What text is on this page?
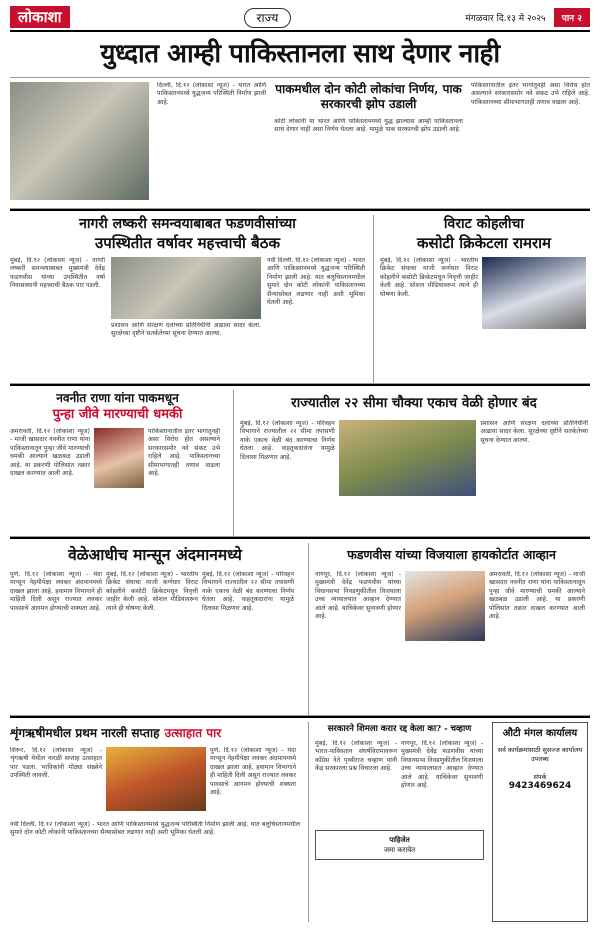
लोकाशा	राज्य	मंगळवार दि.१३ मे २०२५	पान २
युध्दात आम्ही पाकिस्तानला साथ देणार नाही
दिल्ली, दि.१२ (लोकाशा न्यूज) - भारत आणि पाकिस्तानमध्ये युद्धजन्य परिस्थिती निर्माण झाली आहे.
पाकमधील दोन कोटी लोकांचा निर्णय, पाक सरकारची झोप उडाली
कोटी लोकांनी या भारत आणि पाकिस्तानमध्ये युद्ध झाल्यास आम्ही पाकिस्तानला साथ देणार नाही असा निर्णय घेतला आहे. यामुळे पाक सरकारची झोप उडाली आहे.
पाकिस्तानातील इतर भागांतूनही असा विरोध होत असल्याने सरकारसमोर नवे संकट उभे राहिले आहे. पाकिस्तानच्या सीमाभागातही तणाव वाढला आहे.
नागरी लष्करी समन्वयाबाबत फडणवीसांच्या
उपस्थितीत वर्षावर महत्त्वाची बैठक
मुंबई, दि.१२ (लोकाशा न्यूज) - नागरी लष्करी समन्वयाबाबत मुख्यमंत्री देवेंद्र फडणवीस यांच्या उपस्थितीत वर्षा निवासस्थानी महत्त्वाची बैठक पार पडली.
प्रशासन आणि संरक्षण दलांच्या प्रतिनिधींनी आढावा सादर केला. सुरक्षेच्या दृष्टीने सतर्कतेच्या सूचना देण्यात आल्या.
नवी दिल्ली, दि.१२ (लोकाशा न्यूज) - भारत आणि पाकिस्तानमध्ये युद्धजन्य परिस्थिती निर्माण झाली आहे. यात बलुचिस्तानमधील सुमारे दोन कोटी लोकांनी पाकिस्तानच्या सैन्यासोबत लढणार नाही अशी भूमिका घेतली आहे.
विराट कोहलीचा
कसोटी क्रिकेटला रामराम
मुंबई, दि.१२ (लोकाशा न्यूज) - भारतीय क्रिकेट संघाचा माजी कर्णधार विराट कोहलीने कसोटी क्रिकेटमधून निवृत्ती जाहीर केली आहे. सोशल मीडियावरून त्याने ही घोषणा केली.
नवनीत राणा यांना पाकमधून
पुन्हा जीवे मारण्याची धमकी
अमरावती, दि.१२ (लोकाशा न्यूज) - माजी खासदार नवनीत राणा यांना पाकिस्तानातून पुन्हा जीवे मारण्याची धमकी आल्याने खळबळ उडाली आहे. या प्रकरणी पोलिसांत तक्रार दाखल करण्यात आली आहे.
पाकिस्तानातील इतर भागांतूनही असा विरोध होत असल्याने सरकारसमोर नवे संकट उभे राहिले आहे. पाकिस्तानच्या सीमाभागातही तणाव वाढला आहे.
राज्यातील २२ सीमा चौक्या एकाच वेळी होणार बंद
मुंबई, दि.१२ (लोकाशा न्यूज) - परिवहन विभागाने राज्यातील २२ सीमा तपासणी नाके एकाच वेळी बंद करण्याचा निर्णय घेतला आहे. वाहतूकदारांना यामुळे दिलासा मिळणार आहे.
प्रशासन आणि संरक्षण दलांच्या प्रतिनिधींनी आढावा सादर केला. सुरक्षेच्या दृष्टीने सतर्कतेच्या सूचना देण्यात आल्या.
वेळेआधीच मान्सून अंदमानमध्ये
पुणे, दि.१२ (लोकाशा न्यूज) - यंदा मान्सून नेहमीपेक्षा लवकर अंदमानमध्ये दाखल झाला आहे. हवामान विभागाने ही माहिती दिली असून राज्यात लवकर पावसाचे आगमन होण्याची शक्यता आहे.
मुंबई, दि.१२ (लोकाशा न्यूज) - भारतीय क्रिकेट संघाचा माजी कर्णधार विराट कोहलीने कसोटी क्रिकेटमधून निवृत्ती जाहीर केली आहे. सोशल मीडियावरून त्याने ही घोषणा केली.
मुंबई, दि.१२ (लोकाशा न्यूज) - परिवहन विभागाने राज्यातील २२ सीमा तपासणी नाके एकाच वेळी बंद करण्याचा निर्णय घेतला आहे. वाहतूकदारांना यामुळे दिलासा मिळणार आहे.
फडणवीस यांच्या विजयाला हायकोर्टात आव्हान
नागपूर, दि.१२ (लोकाशा न्यूज) - मुख्यमंत्री देवेंद्र फडणवीस यांच्या विधानसभा निवडणुकीतील विजयाला उच्च न्यायालयात आव्हान देण्यात आले आहे. याचिकेवर सुनावणी होणार आहे.
अमरावती, दि.१२ (लोकाशा न्यूज) - माजी खासदार नवनीत राणा यांना पाकिस्तानातून पुन्हा जीवे मारण्याची धमकी आल्याने खळबळ उडाली आहे. या प्रकरणी पोलिसांत तक्रार दाखल करण्यात आली आहे.
शृंगऋषीमधील प्रथम नारली सप्ताह उत्साहात पार
शिरूर, दि.१२ (लोकाशा न्यूज) - शृंगऋषी येथील नारळी सप्ताह उत्साहात पार पडला. भाविकांनी मोठ्या संख्येने उपस्थिती लावली.
पुणे, दि.१२ (लोकाशा न्यूज) - यंदा मान्सून नेहमीपेक्षा लवकर अंदमानमध्ये दाखल झाला आहे. हवामान विभागाने ही माहिती दिली असून राज्यात लवकर पावसाचे आगमन होण्याची शक्यता आहे.
नवी दिल्ली, दि.१२ (लोकाशा न्यूज) - भारत आणि पाकिस्तानमध्ये युद्धजन्य परिस्थिती निर्माण झाली आहे. यात बलुचिस्तानमधील सुमारे दोन कोटी लोकांनी पाकिस्तानच्या सैन्यासोबत लढणार नाही अशी भूमिका घेतली आहे.
सरकारने शिमला करार रद्द केला का? - चव्हाण
मुंबई, दि.१२ (लोकाशा न्यूज) - भारत-पाकिस्तान संघर्षविरामावरून काँग्रेस नेते पृथ्वीराज चव्हाण यांनी केंद्र सरकारला प्रश्न विचारला आहे.
नागपूर, दि.१२ (लोकाशा न्यूज) - मुख्यमंत्री देवेंद्र फडणवीस यांच्या विधानसभा निवडणुकीतील विजयाला उच्च न्यायालयात आव्हान देण्यात आले आहे. याचिकेवर सुनावणी होणार आहे.
पाहिजेत
जमा करावेत
औटी मंगल कार्यालय
सर्व कार्यक्रमांसाठी सुसज्ज कार्यालय उपलब्ध
संपर्क
9423469624
